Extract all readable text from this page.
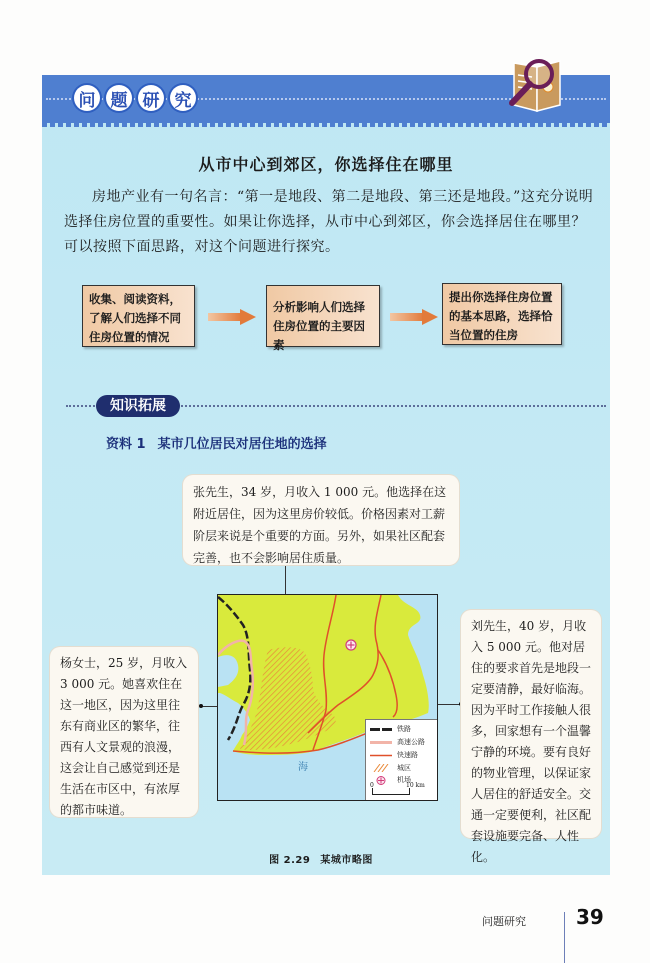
问 题 研 究
从市中心到郊区，你选择住在哪里
房地产业有一句名言：“第一是地段、第二是地段、第三还是地段。”这充分说明选择住房位置的重要性。如果让你选择，从市中心到郊区，你会选择居住在哪里？可以按照下面思路，对这个问题进行探究。
收集、阅读资料，了解人们选择不同住房位置的情况
分析影响人们选择住房位置的主要因素
提出你选择住房位置的基本思路，选择恰当位置的住房
知识拓展
资料 1 某市几位居民对居住地的选择
张先生，34 岁，月收入 1 000 元。他选择在这附近居住，因为这里房价较低。价格因素对工薪阶层来说是个重要的方面。另外，如果社区配套完善，也不会影响居住质量。
海
铁路
高速公路
快速路
城区
机场
0	10 km
杨女士，25 岁，月收入 3 000 元。她喜欢住在这一地区，因为这里往东有商业区的繁华，往西有人文景观的浪漫，这会让自己感觉到还是生活在市区中，有浓厚的都市味道。
刘先生，40 岁，月收入 5 000 元。他对居住的要求首先是地段一定要清静，最好临海。因为平时工作接触人很多，回家想有一个温馨宁静的环境。要有良好的物业管理，以保证家人居住的舒适安全。交通一定要便利，社区配套设施要完备、人性化。
图 2.29 某城市略图
问题研究	39
